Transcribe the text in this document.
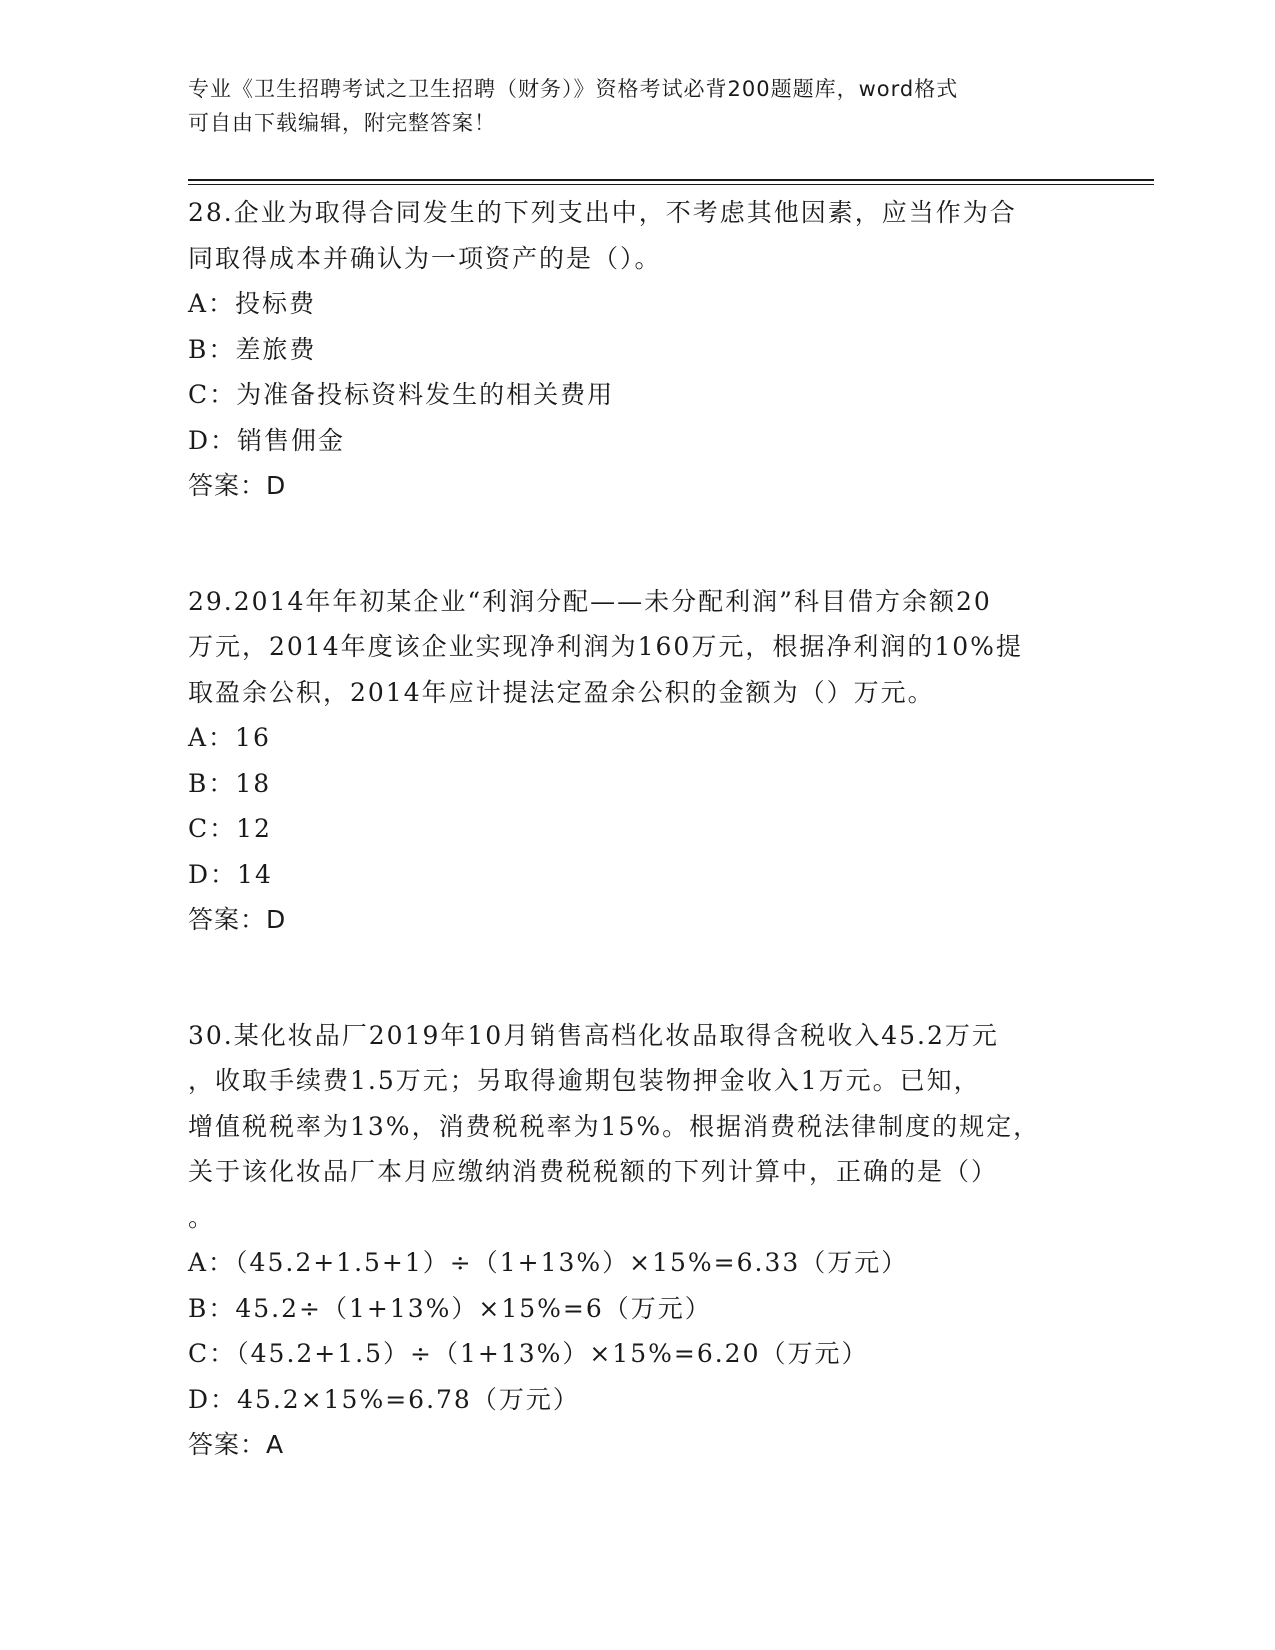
专业《卫生招聘考试之卫生招聘（财务）》资格考试必背200题题库，word格式

可自由下载编辑，附完整答案！

28.企业为取得合同发生的下列支出中，不考虑其他因素，应当作为合

同取得成本并确认为一项资产的是（）。

A：投标费

B：差旅费

C：为准备投标资料发生的相关费用

D：销售佣金

答案：D

29.2014年年初某企业“利润分配——未分配利润”科目借方余额20

万元，2014年度该企业实现净利润为160万元，根据净利润的10%提

取盈余公积，2014年应计提法定盈余公积的金额为（）万元。

A：16

B：18

C：12

D：14

答案：D

30.某化妆品厂2019年10月销售高档化妆品取得含税收入45.2万元

，收取手续费1.5万元；另取得逾期包装物押金收入1万元。已知，

增值税税率为13%，消费税税率为15%。根据消费税法律制度的规定，

关于该化妆品厂本月应缴纳消费税税额的下列计算中，正确的是（）

。

A：（45.2+1.5+1）÷（1+13%）×15%=6.33（万元）

B：45.2÷（1+13%）×15%=6（万元）

C：（45.2+1.5）÷（1+13%）×15%=6.20（万元）

D：45.2×15%=6.78（万元）

答案：A
